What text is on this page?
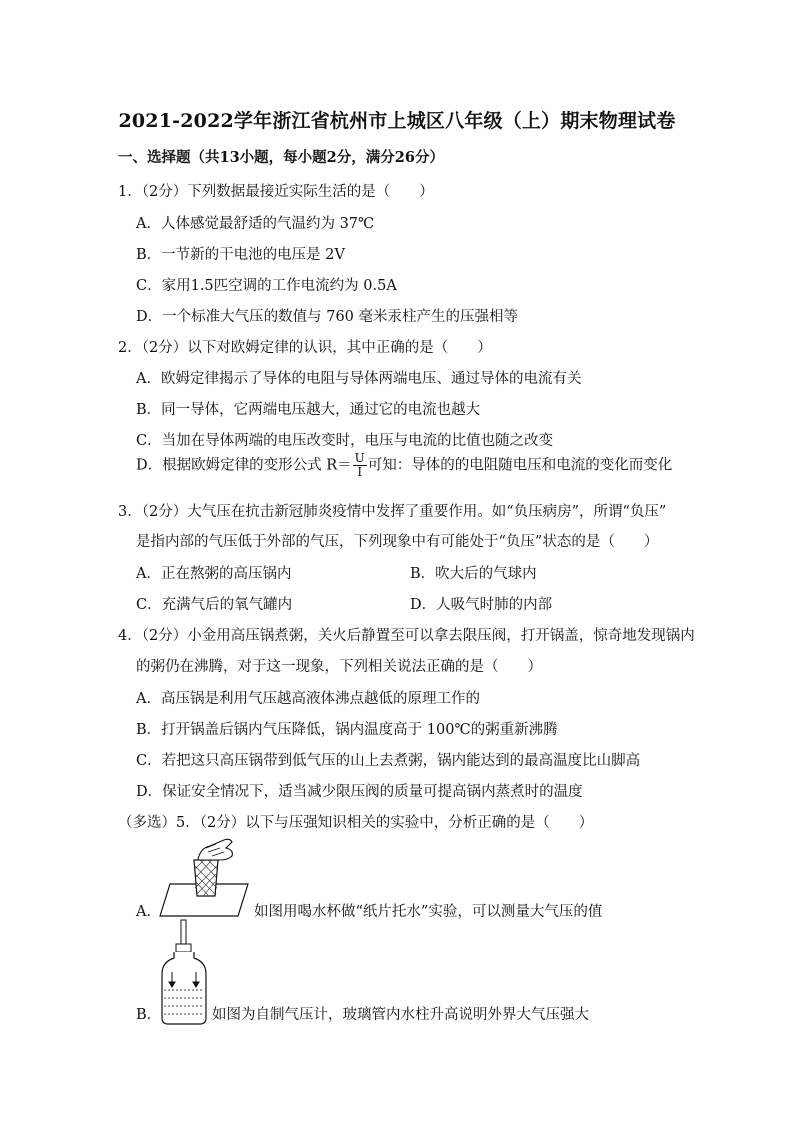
2021-2022学年浙江省杭州市上城区八年级（上）期末物理试卷
一、选择题（共13小题，每小题2分，满分26分）
1．（2分）下列数据最接近实际生活的是（　　）
A．人体感觉最舒适的气温约为 37℃
B．一节新的干电池的电压是 2V
C．家用1.5匹空调的工作电流约为 0.5A
D．一个标准大气压的数值与 760 毫米汞柱产生的压强相等
2．（2分）以下对欧姆定律的认识，其中正确的是（　　）
A．欧姆定律揭示了导体的电阻与导体两端电压、通过导体的电流有关
B．同一导体，它两端电压越大，通过它的电流也越大
C．当加在导体两端的电压改变时，电压与电流的比值也随之改变
D．根据欧姆定律的变形公式 $R= \frac{U}{I}$ 可知：导体的的电阻随电压和电流的变化而变化
3．（2分）大气压在抗击新冠肺炎疫情中发挥了重要作用。如“负压病房”，所谓“负压”
是指内部的气压低于外部的气压，下列现象中有可能处于“负压”状态的是（　　）
A．正在熬粥的高压锅内	B．吹大后的气球内
C．充满气后的氧气罐内	D．人吸气时肺的内部
4．（2分）小金用高压锅煮粥，关火后静置至可以拿去限压阀，打开锅盖，惊奇地发现锅内
的粥仍在沸腾，对于这一现象，下列相关说法正确的是（　　）
A．高压锅是利用气压越高液体沸点越低的原理工作的
B．打开锅盖后锅内气压降低，锅内温度高于 100℃的粥重新沸腾
C．若把这只高压锅带到低气压的山上去煮粥，锅内能达到的最高温度比山脚高
D．保证安全情况下，适当减少限压阀的质量可提高锅内蒸煮时的温度
（多选）5．（2分）以下与压强知识相关的实验中，分析正确的是（　　）
A．	如图用喝水杯做“纸片托水”实验，可以测量大气压的值
B．	如图为自制气压计，玻璃管内水柱升高说明外界大气压强大
